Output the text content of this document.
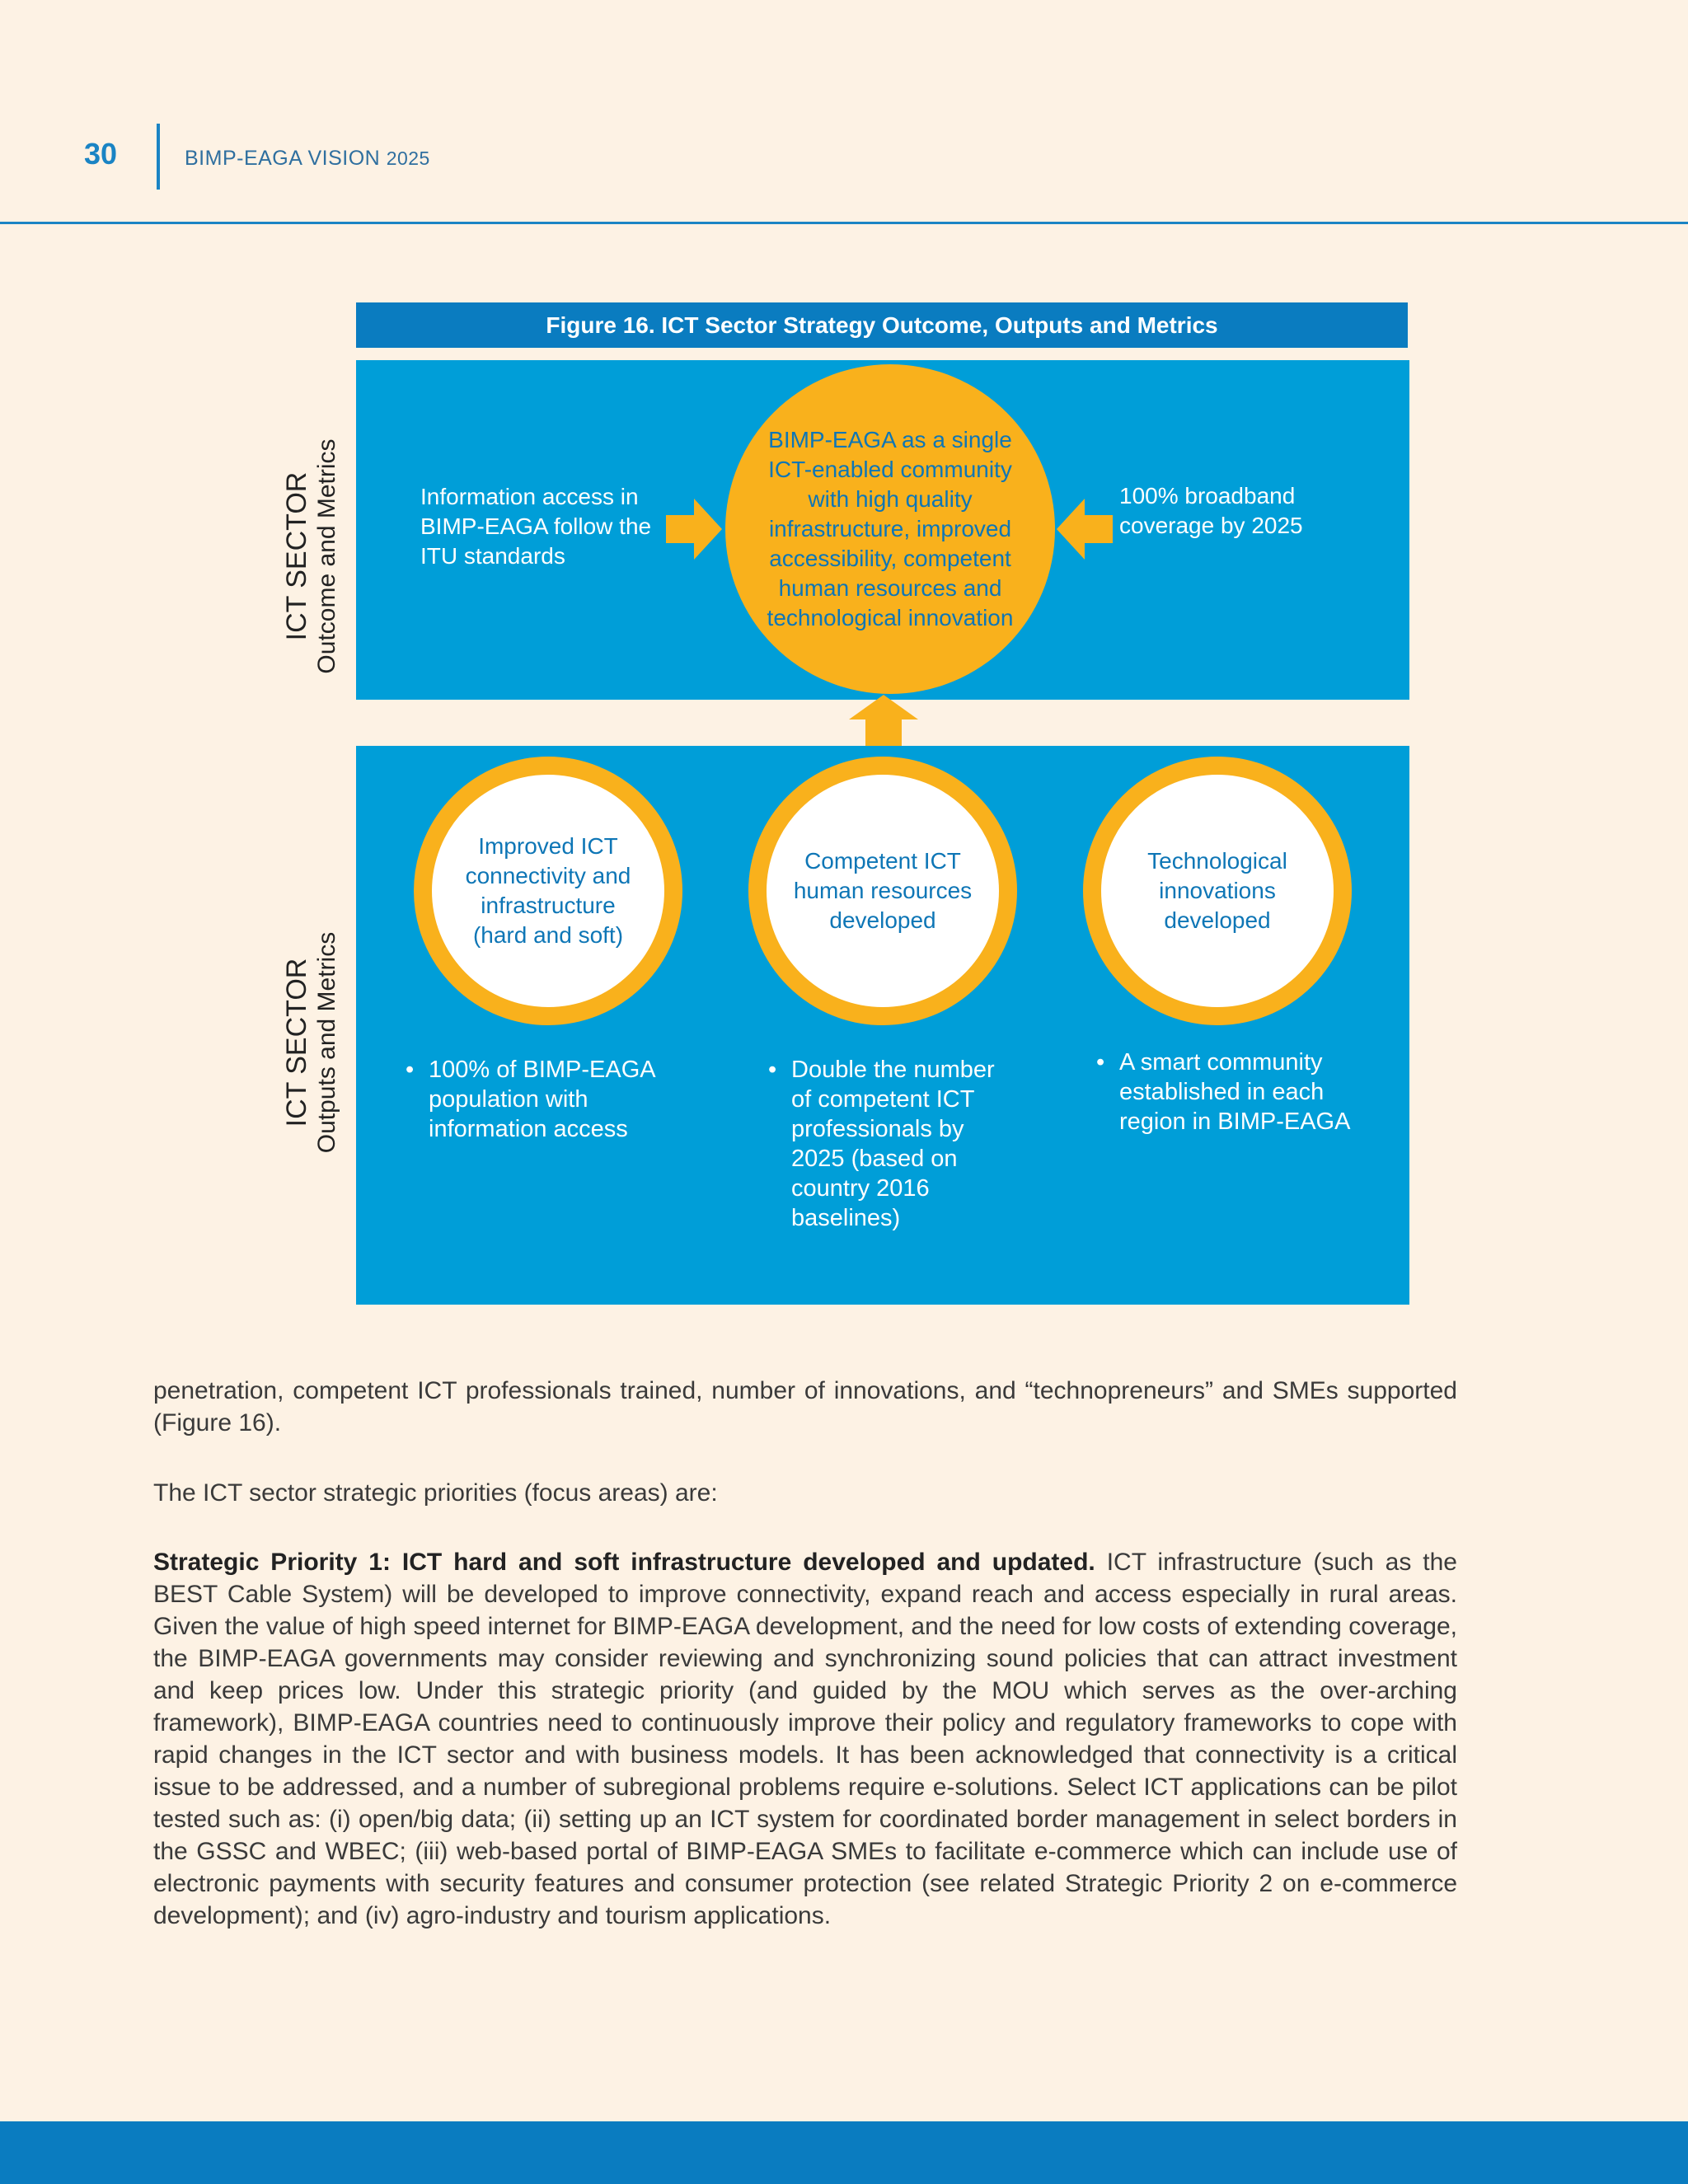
30	BIMP-EAGA VISION 2025
Figure 16. ICT Sector Strategy Outcome, Outputs and Metrics
ICT SECTOR Outcome and Metrics
ICT SECTOR Outputs and Metrics
Information access in BIMP-EAGA follow the ITU standards
100% broadband coverage by 2025
BIMP-EAGA as a single ICT-enabled community with high quality infrastructure, improved accessibility, competent human resources and technological innovation
Improved ICT connectivity and infrastructure (hard and soft)
Competent ICT human resources developed
Technological innovations developed
• 100% of BIMP-EAGA population with information access
• Double the number of competent ICT professionals by 2025 (based on country 2016 baselines)
• A smart community established in each region in BIMP-EAGA

penetration, competent ICT professionals trained, number of innovations, and “technopreneurs” and SMEs supported (Figure 16).

The ICT sector strategic priorities (focus areas) are:

Strategic Priority 1: ICT hard and soft infrastructure developed and updated. ICT infrastructure (such as the BEST Cable System) will be developed to improve connectivity, expand reach and access especially in rural areas. Given the value of high speed internet for BIMP-EAGA development, and the need for low costs of extending coverage, the BIMP-EAGA governments may consider reviewing and synchronizing sound policies that can attract investment and keep prices low. Under this strategic priority (and guided by the MOU which serves as the over-arching framework), BIMP-EAGA countries need to continuously improve their policy and regulatory frameworks to cope with rapid changes in the ICT sector and with business models. It has been acknowledged that connectivity is a critical issue to be addressed, and a number of subregional problems require e-solutions. Select ICT applications can be pilot tested such as: (i) open/big data; (ii) setting up an ICT system for coordinated border management in select borders in the GSSC and WBEC; (iii) web-based portal of BIMP-EAGA SMEs to facilitate e-commerce which can include use of electronic payments with security features and consumer protection (see related Strategic Priority 2 on e-commerce development); and (iv) agro-industry and tourism applications.
